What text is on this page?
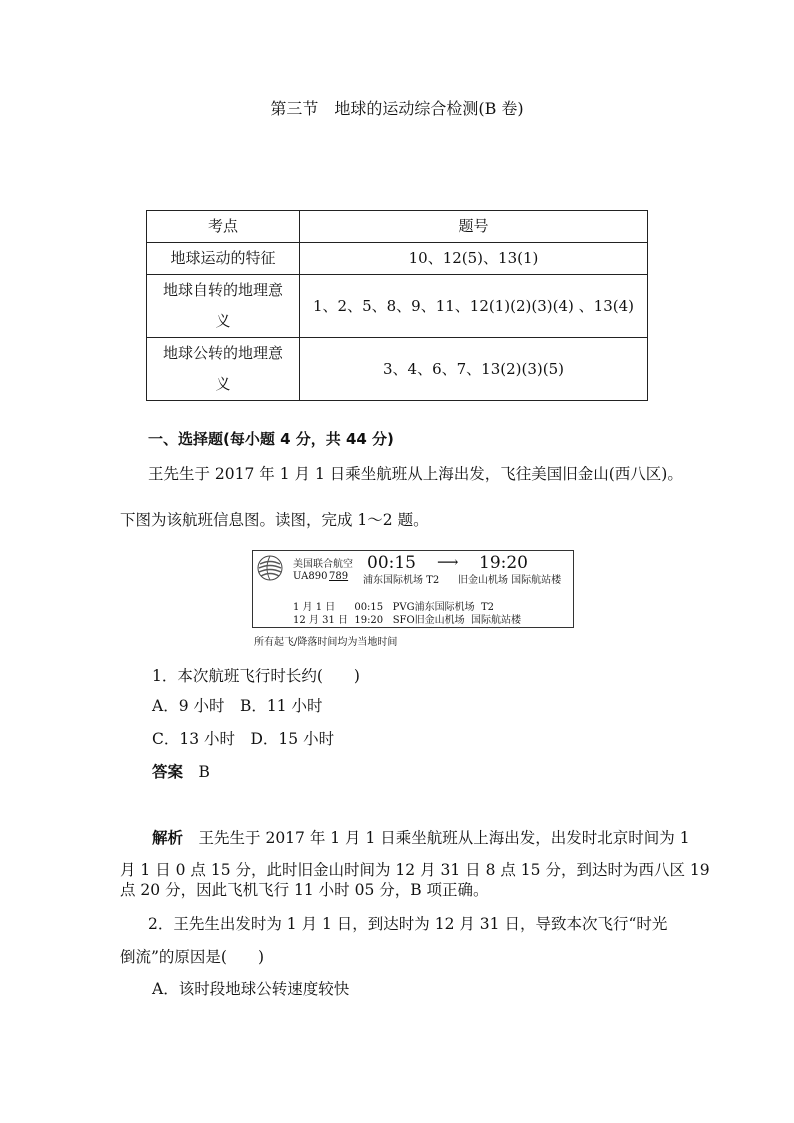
第三节　地球的运动综合检测(B 卷)
考点	题号
地球运动的特征	10、12(5)、13(1)
地球自转的地理意
义	1、2、5、8、9、11、12(1)(2)(3)(4) 、13(4)
地球公转的地理意
义	3、4、6、7、13(2)(3)(5)
一、选择题(每小题 4 分，共 44 分)
王先生于 2017 年 1 月 1 日乘坐航班从上海出发，飞往美国旧金山(西八区)。
下图为该航班信息图。读图，完成 1～2 题。
美国联合航空 00:15 ⟶ 19:20
UA890 789 浦东国际机场 T2 旧金山机场 国际航站楼
1 月 1 日      00:15   PVG浦东国际机场  T2
12 月 31 日  19:20   SFO旧金山机场  国际航站楼
所有起飞/降落时间均为当地时间
1．本次航班飞行时长约(　　)
A．9 小时　B．11 小时
C．13 小时　D．15 小时
答案　 B
解析　 王先生于 2017 年 1 月 1 日乘坐航班从上海出发，出发时北京时间为 1
月 1 日 0 点 15 分，此时旧金山时间为 12 月 31 日 8 点 15 分，到达时为西八区 19
点 20 分，因此飞机飞行 11 小时 05 分，B 项正确。
2．王先生出发时为 1 月 1 日，到达时为 12 月 31 日，导致本次飞行“时光
倒流”的原因是(　　)
A．该时段地球公转速度较快
